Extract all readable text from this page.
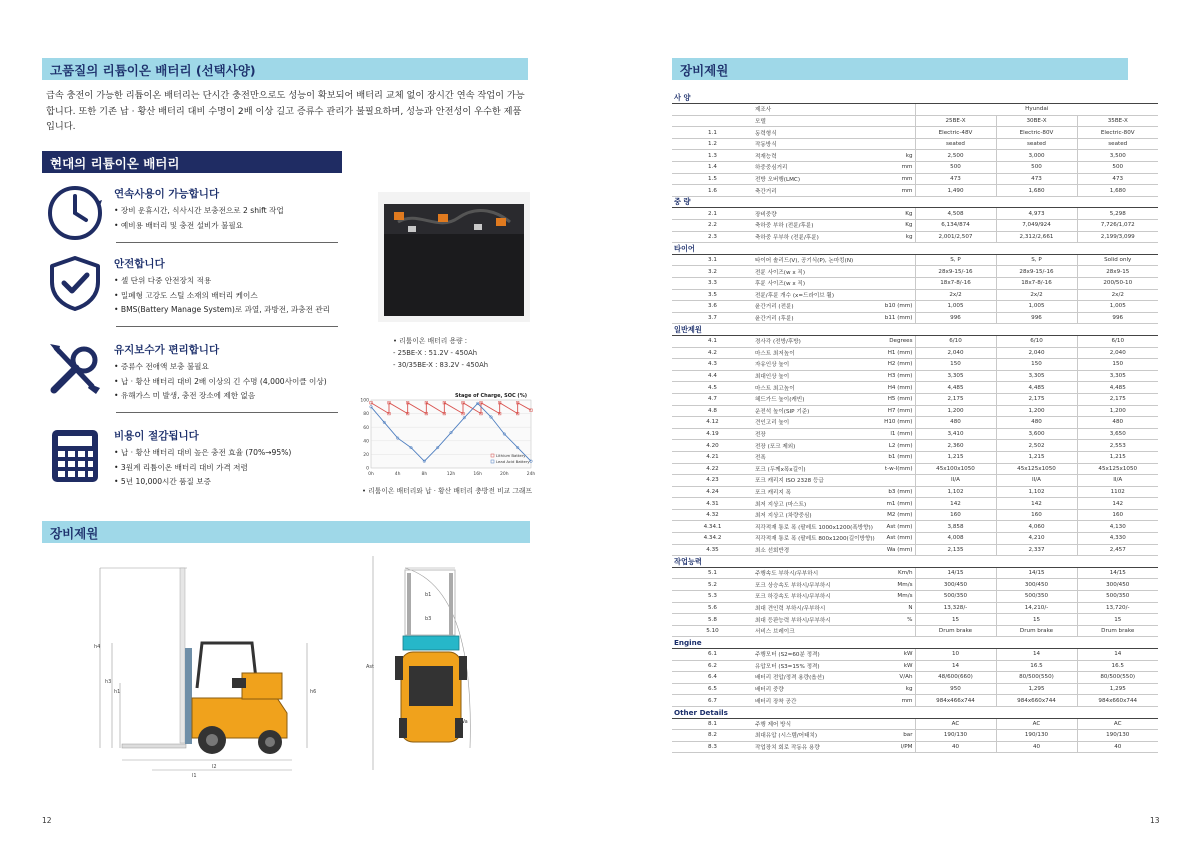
고품질의 리튬이온 배터리 (선택사양)
급속 충전이 가능한 리튬이온 배터리는 단시간 충전만으로도 성능이 확보되어 배터리 교체 없이 장시간 연속 작업이 가능합니다. 또한 기존 납 · 황산 배터리 대비 수명이 2배 이상 길고 증류수 관리가 불필요하며, 성능과 안전성이 우수한 제품입니다.
현대의 리튬이온 배터리
연속사용이 가능합니다
• 장비 운휴시간, 식사시간 보충전으로 2 shift 작업
• 예비용 배터리 및 충전 설비가 불필요
안전합니다
• 셀 단위 다중 안전장치 적용
• 밀폐형 고강도 스틸 소재의 배터리 케이스
• BMS(Battery Manage System)로 과열, 과방전, 과충전 관리
유지보수가 편리합니다
• 증류수 전애액 보충 불필요
• 납 · 황산 배터리 대비 2배 이상의 긴 수명 (4,000사이클 이상)
• 유해가스 미 발생, 충전 장소에 제한 없음
비용이 절감됩니다
• 납 · 황산 배터리 대비 높은 충전 효율 (70%→95%)
• 3원계 리튬이온 배터리 대비 가격 저렴
• 5년 10,000시간 품질 보증
• 리튬이온 배터리 용량 :
- 25BE-X : 51.2V - 450Ah
- 30/35BE-X : 83.2V - 450Ah
0
20
40
60
80
100
0h	4h	8h	12h	16h	20h	24h
Stage of Charge, SOC (%)
Lithium Battery
Lead Acid Battery
• 리튬이온 배터리와 납 · 황산 배터리 충방전 비교 그래프
장비제원
h4
h3
h1	h6
l2
l1
Ast
b1
b3
Wa
12
장비제원
13
사 양					
	제조사		Hyundai		
	모델		25BE-X	30BE-X	35BE-X
1.1	동력형식		Electric-48V	Electric-80V	Electric-80V
1.2	작동방식		seated	seated	seated
1.3	적재능력	kg	2,500	3,000	3,500
1.4	하중중심거리	mm	500	500	500
1.5	전방 오버행(LMC)	mm	473	473	473
1.6	축간거리	mm	1,490	1,680	1,680
중 량					
2.1	장비중량	Kg	4,508	4,973	5,298
2.2	축하중 부하 (전륜/후륜)	Kg	6,134/874	7,049/924	7,726/1,072
2.3	축하중 무부하 (전륜/후륜)	kg	2,001/2,507	2,312/2,661	2,199/3,099
타이어					
3.1	타이어 솔리드(V), 공기식(P), 논마킹(N)		S, P	S, P	Solid only
3.2	전륜 사이즈(w x 직)		28x9-15/-16	28x9-15/-16	28x9-15
3.3	후륜 사이즈(w x 직)		18x7-8/-16	18x7-8/-16	200/50-10
3.5	전륜/후륜 개수 (x=드라이브 휠)		2x/2	2x/2	2x/2
3.6	윤간거리 (전륜)	b10 (mm)	1,005	1,005	1,005
3.7	윤간거리 (후륜)	b11 (mm)	996	996	996
일반제원					
4.1	경사각 (전방/후방)	Degrees	6/10	6/10	6/10
4.2	마스트 최저높이	H1 (mm)	2,040	2,040	2,040
4.3	자유인상 높이	H2 (mm)	150	150	150
4.4	최대인상 높이	H3 (mm)	3,305	3,305	3,305
4.5	마스트 최고높이	H4 (mm)	4,485	4,485	4,485
4.7	헤드가드 높이(캐빈)	H5 (mm)	2,175	2,175	2,175
4.8	운전석 높이(SIP 기준)	H7 (mm)	1,200	1,200	1,200
4.12	견인고리 높이	H10 (mm)	480	480	480
4.19	전장	l1 (mm)	3,410	3,600	3,650
4.20	전장 (포크 제외)	L2 (mm)	2,360	2,502	2,553
4.21	전폭	b1 (mm)	1,215	1,215	1,215
4.22	포크 (두께x폭x길이)	t-w-l(mm)	45x100x1050	45x125x1050	45x125x1050
4.23	포크 캐리지 ISO 2328 등급		II/A	II/A	II/A
4.24	포크 캐리지 폭	b3 (mm)	1,102	1,102	1102
4.31	최저 지상고 (마스트)	m1 (mm)	142	142	142
4.32	최저 지상고 (차량중심)	M2 (mm)	160	160	160
4.34.1	직각적재 통로 폭 (팔레트 1000x1200(폭방향))	Ast (mm)	3,858	4,060	4,130
4.34.2	직각적재 통로 폭 (팔레트 800x1200(길이방향))	Ast (mm)	4,008	4,210	4,330
4.35	최소 선회반경	Wa (mm)	2,135	2,337	2,457
작업능력					
5.1	주행속도 부하시/무부하시	Km/h	14/15	14/15	14/15
5.2	포크 상승속도 부하시/무부하시	Mm/s	300/450	300/450	300/450
5.3	포크 하강속도 부하시/무부하시	Mm/s	500/350	500/350	500/350
5.6	최대 견인력 부하시/무부하시	N	13,328/-	14,210/-	13,720/-
5.8	최대 등판능력 부하시/무부하시	%	15	15	15
5.10	서비스 브레이크		Drum brake	Drum brake	Drum brake
Engine					
6.1	주행모터 (S2=60분 정격)	kW	10	14	14
6.2	유압모터 (S3=15% 정격)	kW	14	16.5	16.5
6.4	배터리 전압/정격 용량(옵션)	V/Ah	48/600(660)	80/500(550)	80/500(550)
6.5	배터리 중량	kg	950	1,295	1,295
6.7	배터리 장착 공간	mm	984x466x744	984x660x744	984x660x744
Other Details					
8.1	주행 제어 방식		AC	AC	AC
8.2	최대유압 (시스템/어태치)	bar	190/130	190/130	190/130
8.3	작업장치 회로 작동유 용량	l/PM	40	40	40
